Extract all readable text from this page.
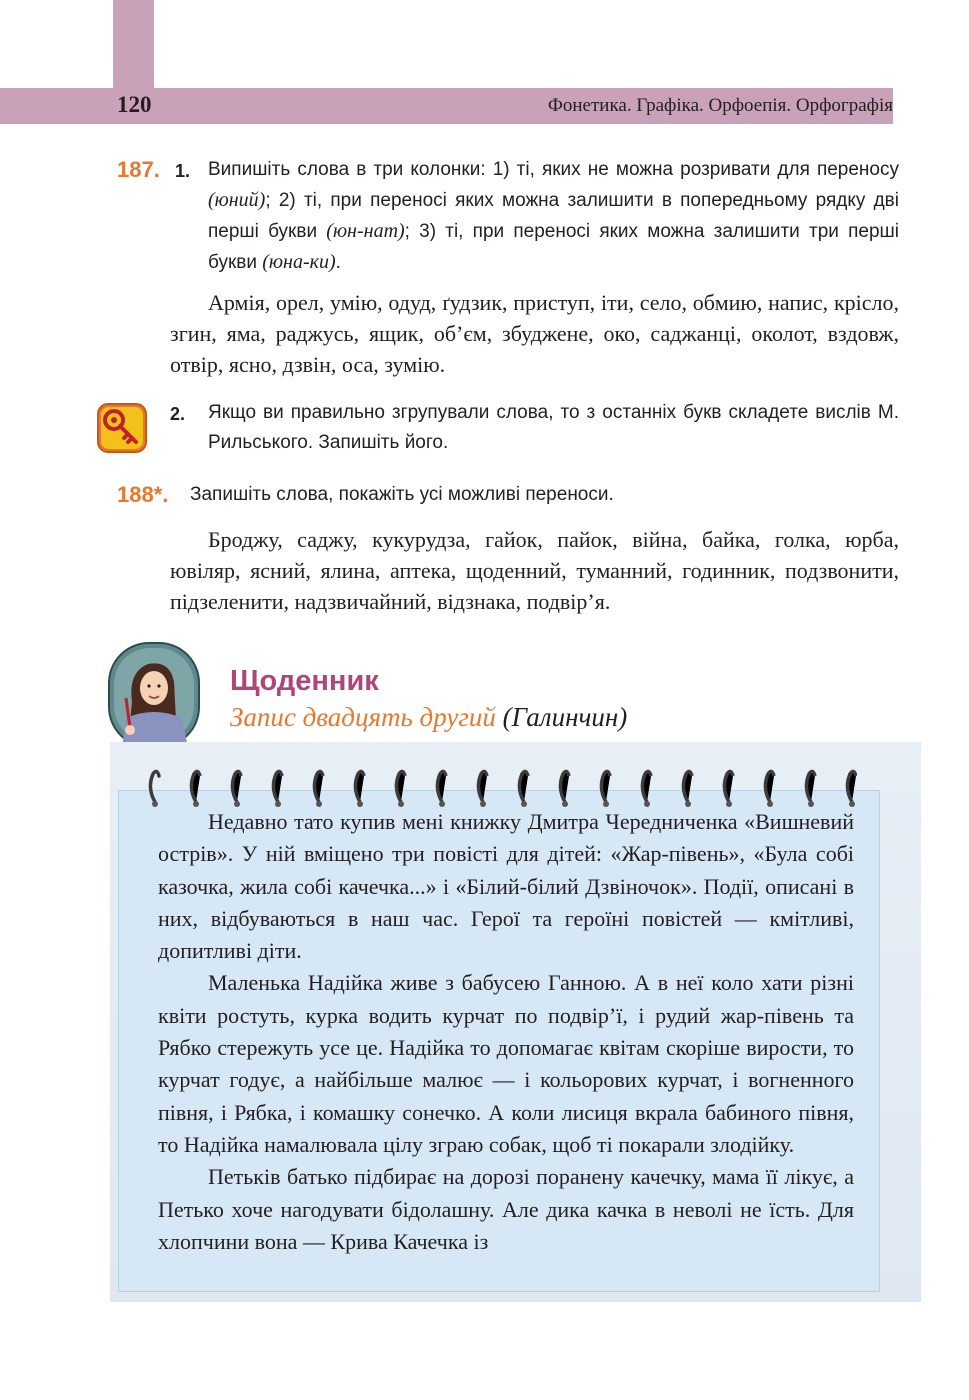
120	Фонетика. Графіка. Орфоепія. Орфографія
187. 1. Випишіть слова в три колонки: 1) ті, яких не можна розривати для переносу (юний); 2) ті, при переносі яких можна залишити в попередньому рядку дві перші букви (юн-нат); 3) ті, при переносі яких можна залишити три перші букви (юна-ки).

Армія, орел, умію, одуд, ґудзик, приступ, іти, село, обмию, напис, крісло, згин, яма, раджусь, ящик, об’єм, збуджене, око, саджанці, околот, вздовж, отвір, ясно, дзвін, оса, зумію.

2. Якщо ви правильно згрупували слова, то з останніх букв складете вислів М. Рильського. Запишіть його.

188*. Запишіть слова, покажіть усі можливі переноси.

Броджу, саджу, кукурудза, гайок, пайок, війна, байка, голка, юрба, ювіляр, ясний, ялина, аптека, щоденний, туманний, годинник, подзвонити, підзеленити, надзвичайний, відзнака, подвір’я.

Щоденник
Запис двадцять другий (Галинчин)

Недавно тато купив мені книжку Дмитра Чередниченка «Вишневий острів». У ній вміщено три повісті для дітей: «Жар-півень», «Була собі казочка, жила собі качечка...» і «Білий-білий Дзвіночок». Події, описані в них, відбуваються в наш час. Герої та героїні повістей — кмітливі, допитливі діти.

Маленька Надійка живе з бабусею Ганною. А в неї коло хати різні квіти ростуть, курка водить курчат по подвір’ї, і рудий жар-півень та Рябко стережуть усе це. Надійка то допомагає квітам скоріше вирости, то курчат годує, а найбільше малює — і кольорових курчат, і вогненного півня, і Рябка, і комашку сонечко. А коли лисиця вкрала бабиного півня, то Надійка намалювала цілу зграю собак, щоб ті покарали злодійку.

Петьків батько підбирає на дорозі поранену качечку, мама її лікує, а Петько хоче нагодувати бідолашну. Але дика качка в неволі не їсть. Для хлопчини вона — Крива Качечка із
